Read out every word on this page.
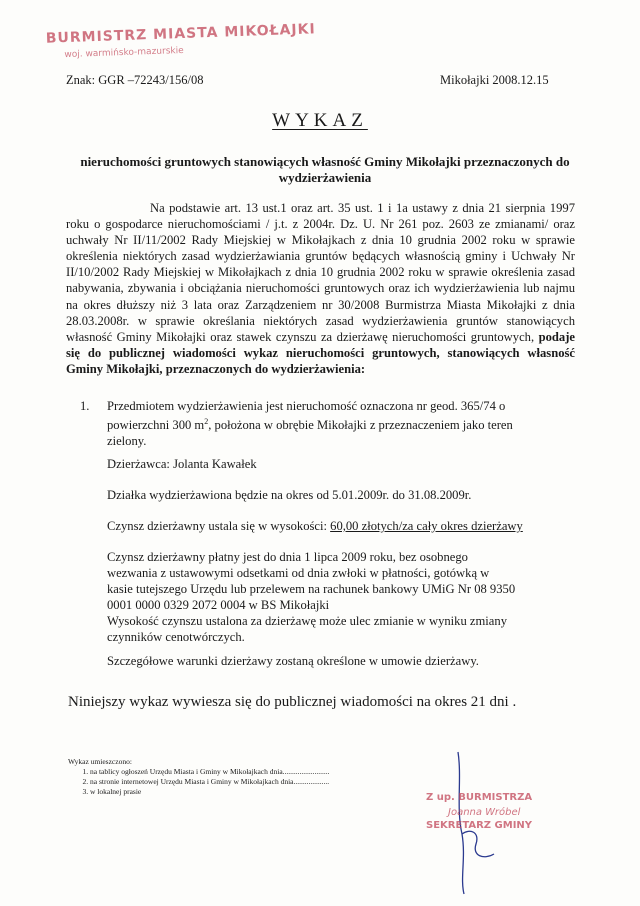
BURMISTRZ MIASTA MIKOŁAJKI
woj. warmińsko-mazurskie
Znak: GGR –72243/156/08	Mikołajki 2008.12.15
WYKAZ
nieruchomości gruntowych stanowiących własność Gminy Mikołajki przeznaczonych do wydzierżawienia
Na podstawie art. 13 ust.1 oraz art. 35 ust. 1 i 1a ustawy z dnia 21 sierpnia 1997 roku o gospodarce nieruchomościami / j.t. z 2004r. Dz. U. Nr 261 poz. 2603 ze zmianami/ oraz uchwały Nr II/11/2002 Rady Miejskiej w Mikołajkach z dnia 10 grudnia 2002 roku w sprawie określenia niektórych zasad wydzierżawiania gruntów będących własnością gminy i Uchwały Nr II/10/2002 Rady Miejskiej w Mikołajkach z dnia 10 grudnia 2002 roku w sprawie określenia zasad nabywania, zbywania i obciążania nieruchomości gruntowych oraz ich wydzierżawienia lub najmu na okres dłuższy niż 3 lata oraz Zarządzeniem nr 30/2008 Burmistrza Miasta Mikołajki z dnia 28.03.2008r. w sprawie określania niektórych zasad wydzierżawienia gruntów stanowiących własność Gminy Mikołajki oraz stawek czynszu za dzierżawę nieruchomości gruntowych, podaje się do publicznej wiadomości wykaz nieruchomości gruntowych, stanowiących własność Gminy Mikołajki, przeznaczonych do wydzierżawienia:
1. Przedmiotem wydzierżawienia jest nieruchomość oznaczona nr geod. 365/74 o

powierzchni 300 $m^2$, położona w obrębie Mikołajki z przeznaczeniem jako teren

zielony.

Dzierżawca: Jolanta Kawałek
Działka wydzierżawiona będzie na okres od 5.01.2009r. do 31.08.2009r.
Czynsz dzierżawny ustala się w wysokości: 60,00 złotych/za cały okres dzierżawy
Czynsz dzierżawny płatny jest do dnia 1 lipca 2009 roku, bez osobnego
wezwania z ustawowymi odsetkami od dnia zwłoki w płatności, gotówką w
kasie tutejszego Urzędu lub przelewem na rachunek bankowy UMiG Nr 08 9350
0001 0000 0329 2072 0004 w BS Mikołajki
Wysokość czynszu ustalona za dzierżawę może ulec zmianie w wyniku zmiany
czynników cenotwórczych.
Szczegółowe warunki dzierżawy zostaną określone w umowie dzierżawy.
Niniejszy wykaz wywiesza się do publicznej wiadomości na okres 21 dni .
Wykaz umieszczono:
1. na tablicy ogłoszeń Urzędu Miasta i Gminy w Mikołajkach dnia.........................
2. na stronie internetowej Urzędu Miasta i Gminy w Mikołajkach dnia...................
3. w lokalnej prasie
Z up. BURMISTRZA
Joanna Wróbel
SEKRETARZ GMINY
